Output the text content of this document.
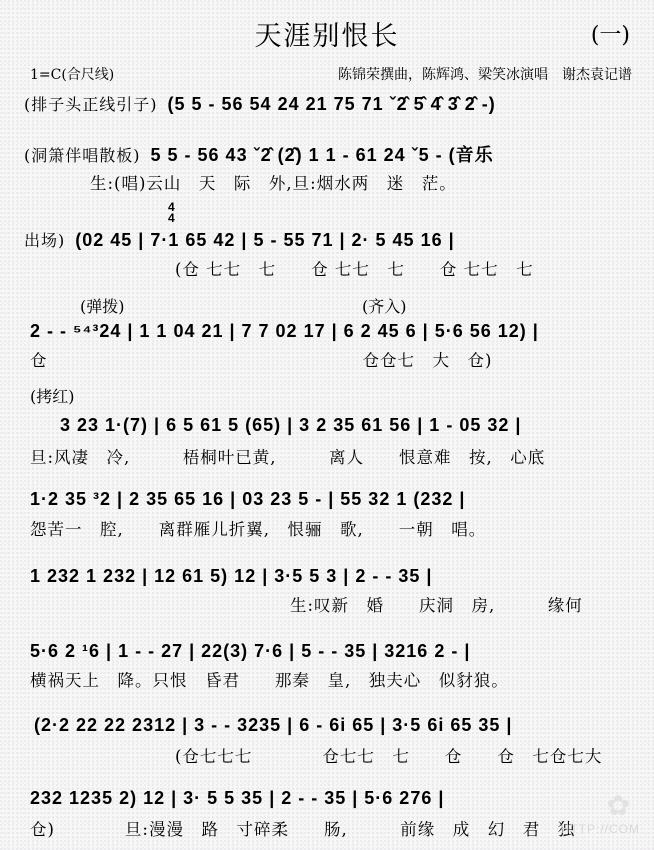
天涯别恨长	(一)
1=C(合尺线)	陈锦荣撰曲，陈辉鸿、梁笑冰演唱　谢杰袁记谱
(排子头正线引子) (5 5 - 56 54 24 21 75 71 ˇ2̂ 5̂ 4̂ 3̂ 2̂ -)
(洞箫伴唱散板) 5 5 - 56 43 ˇ2̂ (2̂) 1 1 - 61 24 ˇ5 - (音乐
生:(唱)云山　天　际　外,旦:烟水两　迷　茫。
4
4
出场) (02 45 | 7·1 65 42 | 5 - 55 71 | 2· 5 45 16 |
(仓 七七　七　　仓 七七　七　　仓 七七　七
(弹拨)	(齐入)
2 - - ⁵⁴³24 | 1 1 04 21 | 7 7 02 17 | 6 2 45 6 | 5·6 56 12) |
仓　　　　　　　　　　　　　　　　　　仓仓七　大　仓)
(拷红)
3 23 1·(7) | 6 5 61 5 (65) | 3 2 35 61 56 | 1 - 05 32 |
旦:风凄　冷,　　　梧桐叶已黄,　　　离人　　恨意难　按,　心底
1·2 35 ³2 | 2 35 65 16 | 03 23 5 - | 55 32 1 (232 |
怨苦一　腔,　　离群雁儿折翼,　恨骊　歌,　　一朝　唱。
1 232 1 232 | 12 61 5) 12 | 3·5 5 3 | 2 - - 35 |
生:叹新　婚　　庆洞　房,　　　缘何
5·6 2 ¹6 | 1 - - 27 | 22(3) 7·6 | 5 - - 35 | 3216 2 - |
横祸天上　降。只恨　昏君　　那秦　皇,　独夫心　似豺狼。
(2·2 22 22 2312 | 3 - - 3235 | 6 - 6i 65 | 3·5 6i 65 35 |
(仓七七七　　　　仓七七　七　　仓　　仓　七仓七大
232 1235 2) 12 | 3· 5 5 35 | 2 - - 35 | 5·6 276 |
仓)　　　　旦:漫漫　路　寸碎柔　　肠,　　　前缘　成　幻　君　独
✿
HTTP://COM
